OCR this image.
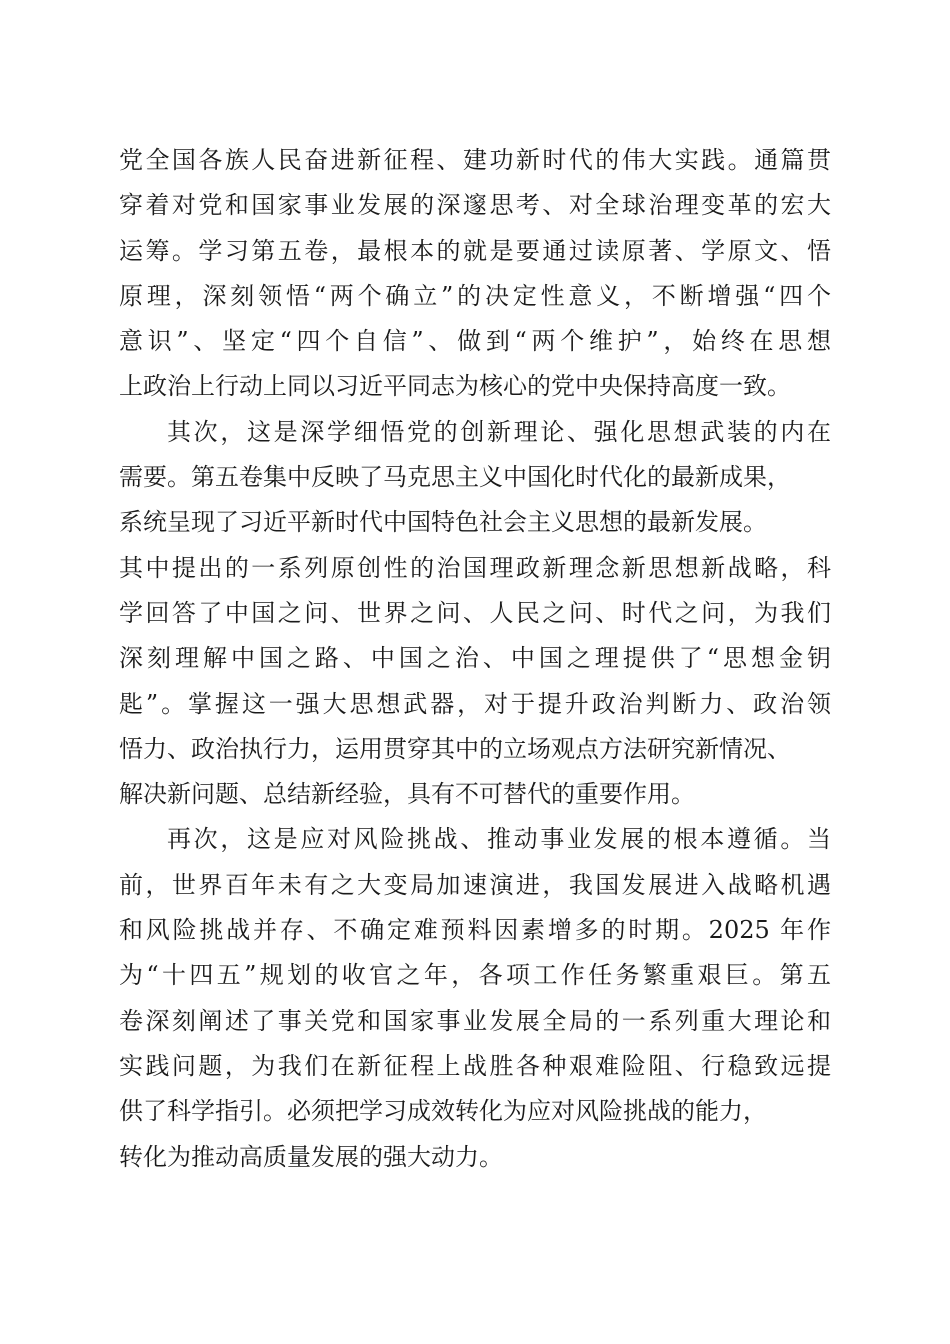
党全国各族人民奋进新征程、建功新时代的伟大实践。通篇贯
穿着对党和国家事业发展的深邃思考、对全球治理变革的宏大
运筹。学习第五卷，最根本的就是要通过读原著、学原文、悟
原理，深刻领悟“两个确立”的决定性意义，不断增强“四个
意识”、坚定“四个自信”、做到“两个维护”，始终在思想
上政治上行动上同以习近平同志为核心的党中央保持高度一致。
其次，这是深学细悟党的创新理论、强化思想武装的内在
需要。第五卷集中反映了马克思主义中国化时代化的最新成果，
系统呈现了习近平新时代中国特色社会主义思想的最新发展。
其中提出的一系列原创性的治国理政新理念新思想新战略，科
学回答了中国之问、世界之问、人民之问、时代之问，为我们
深刻理解中国之路、中国之治、中国之理提供了“思想金钥
匙”。掌握这一强大思想武器，对于提升政治判断力、政治领
悟力、政治执行力，运用贯穿其中的立场观点方法研究新情况、
解决新问题、总结新经验，具有不可替代的重要作用。
再次，这是应对风险挑战、推动事业发展的根本遵循。当
前，世界百年未有之大变局加速演进，我国发展进入战略机遇
和风险挑战并存、不确定难预料因素增多的时期。2025 年作
为“十四五”规划的收官之年，各项工作任务繁重艰巨。第五
卷深刻阐述了事关党和国家事业发展全局的一系列重大理论和
实践问题，为我们在新征程上战胜各种艰难险阻、行稳致远提
供了科学指引。必须把学习成效转化为应对风险挑战的能力，
转化为推动高质量发展的强大动力。
